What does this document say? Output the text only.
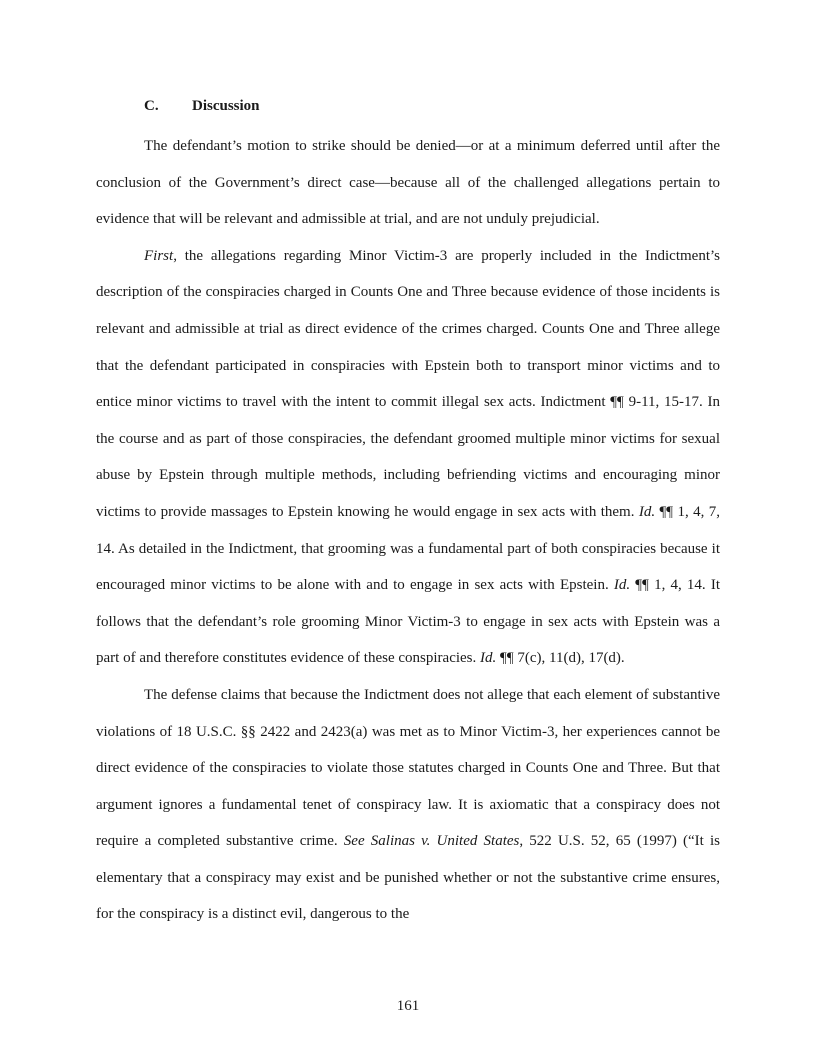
C. Discussion

The defendant’s motion to strike should be denied—or at a minimum deferred until after the conclusion of the Government’s direct case—because all of the challenged allegations pertain to evidence that will be relevant and admissible at trial, and are not unduly prejudicial.

First, the allegations regarding Minor Victim-3 are properly included in the Indictment’s description of the conspiracies charged in Counts One and Three because evidence of those incidents is relevant and admissible at trial as direct evidence of the crimes charged. Counts One and Three allege that the defendant participated in conspiracies with Epstein both to transport minor victims and to entice minor victims to travel with the intent to commit illegal sex acts. Indictment ¶¶ 9-11, 15-17. In the course and as part of those conspiracies, the defendant groomed multiple minor victims for sexual abuse by Epstein through multiple methods, including befriending victims and encouraging minor victims to provide massages to Epstein knowing he would engage in sex acts with them. Id. ¶¶ 1, 4, 7, 14. As detailed in the Indictment, that grooming was a fundamental part of both conspiracies because it encouraged minor victims to be alone with and to engage in sex acts with Epstein. Id. ¶¶ 1, 4, 14. It follows that the defendant’s role grooming Minor Victim-3 to engage in sex acts with Epstein was a part of and therefore constitutes evidence of these conspiracies. Id. ¶¶ 7(c), 11(d), 17(d).

The defense claims that because the Indictment does not allege that each element of substantive violations of 18 U.S.C. §§ 2422 and 2423(a) was met as to Minor Victim-3, her experiences cannot be direct evidence of the conspiracies to violate those statutes charged in Counts One and Three. But that argument ignores a fundamental tenet of conspiracy law. It is axiomatic that a conspiracy does not require a completed substantive crime. See Salinas v. United States, 522 U.S. 52, 65 (1997) (“It is elementary that a conspiracy may exist and be punished whether or not the substantive crime ensures, for the conspiracy is a distinct evil, dangerous to the

161
